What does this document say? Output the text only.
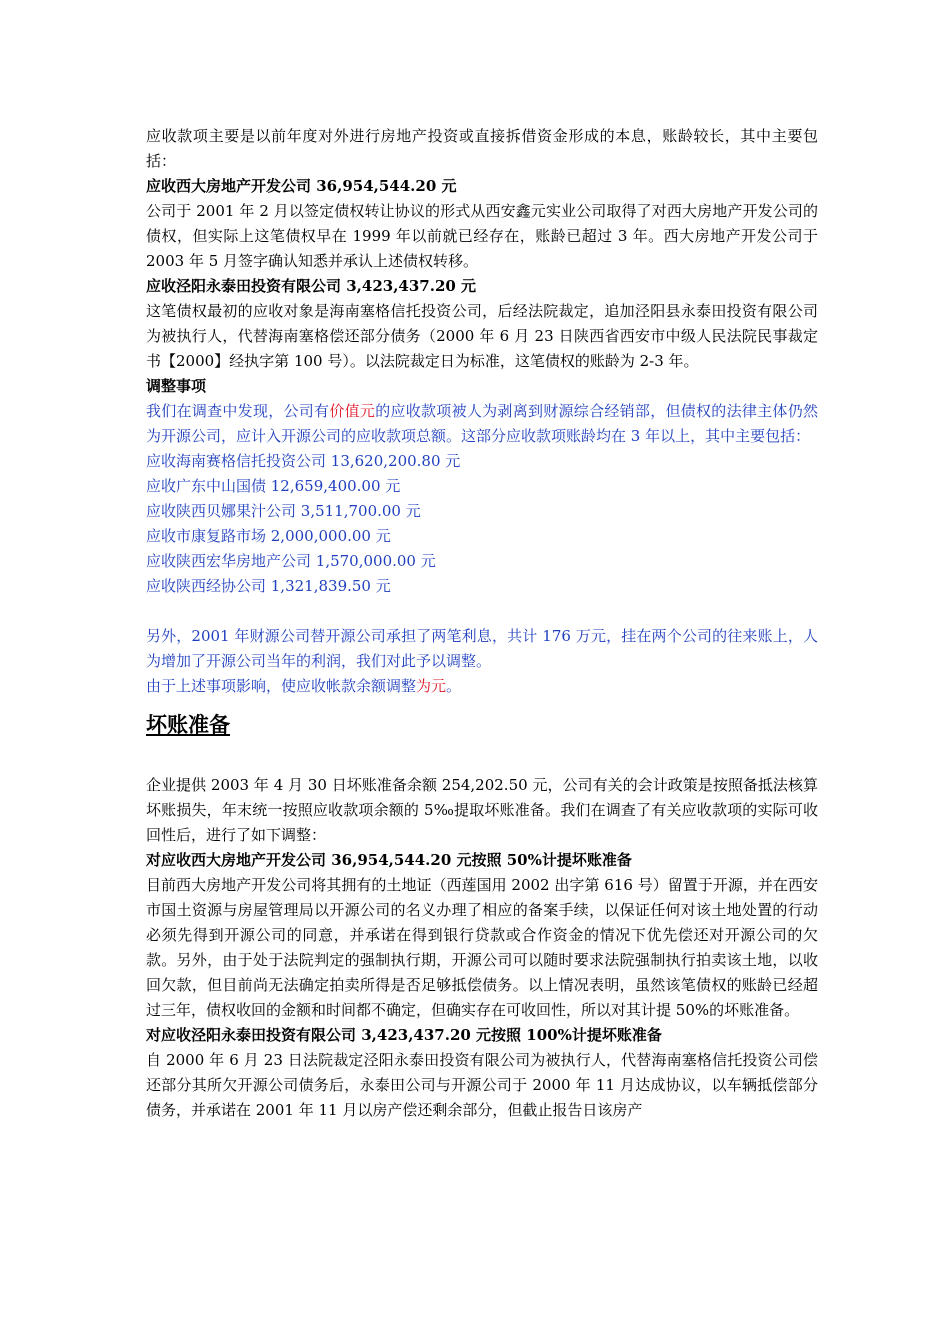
应收款项主要是以前年度对外进行房地产投资或直接拆借资金形成的本息，账龄较长，其中主要包括：

应收西大房地产开发公司 36,954,544.20 元

公司于 2001 年 2 月以签定债权转让协议的形式从西安鑫元实业公司取得了对西大房地产开发公司的债权，但实际上这笔债权早在 1999 年以前就已经存在，账龄已超过 3 年。西大房地产开发公司于 2003 年 5 月签字确认知悉并承认上述债权转移。

应收泾阳永泰田投资有限公司 3,423,437.20 元

这笔债权最初的应收对象是海南塞格信托投资公司，后经法院裁定，追加泾阳县永泰田投资有限公司为被执行人，代替海南塞格偿还部分债务（2000 年 6 月 23 日陕西省西安市中级人民法院民事裁定书【2000】经执字第 100 号）。以法院裁定日为标准，这笔债权的账龄为 2-3 年。

调整事项

我们在调查中发现，公司有价值元的应收款项被人为剥离到财源综合经销部，但债权的法律主体仍然为开源公司，应计入开源公司的应收款项总额。这部分应收款项账龄均在 3 年以上，其中主要包括：

应收海南赛格信托投资公司 13,620,200.80 元

应收广东中山国债 12,659,400.00 元

应收陕西贝娜果汁公司 3,511,700.00 元

应收市康复路市场 2,000,000.00 元

应收陕西宏华房地产公司 1,570,000.00 元

应收陕西经协公司 1,321,839.50 元

另外，2001 年财源公司替开源公司承担了两笔利息，共计 176 万元，挂在两个公司的往来账上，人为增加了开源公司当年的利润，我们对此予以调整。

由于上述事项影响，使应收帐款余额调整为元。

坏账准备

企业提供 2003 年 4 月 30 日坏账准备余额 254,202.50 元，公司有关的会计政策是按照备抵法核算坏账损失，年末统一按照应收款项余额的 5‰提取坏账准备。我们在调查了有关应收款项的实际可收回性后，进行了如下调整：

对应收西大房地产开发公司 36,954,544.20 元按照 50%计提坏账准备

目前西大房地产开发公司将其拥有的土地证（西莲国用 2002 出字第 616 号）留置于开源，并在西安市国土资源与房屋管理局以开源公司的名义办理了相应的备案手续，以保证任何对该土地处置的行动必须先得到开源公司的同意，并承诺在得到银行贷款或合作资金的情况下优先偿还对开源公司的欠款。另外，由于处于法院判定的强制执行期，开源公司可以随时要求法院强制执行拍卖该土地，以收回欠款，但目前尚无法确定拍卖所得是否足够抵偿债务。以上情况表明，虽然该笔债权的账龄已经超过三年，债权收回的金额和时间都不确定，但确实存在可收回性，所以对其计提 50%的坏账准备。

对应收泾阳永泰田投资有限公司 3,423,437.20 元按照 100%计提坏账准备

自 2000 年 6 月 23 日法院裁定泾阳永泰田投资有限公司为被执行人，代替海南塞格信托投资公司偿还部分其所欠开源公司债务后，永泰田公司与开源公司于 2000 年 11 月达成协议，以车辆抵偿部分债务，并承诺在 2001 年 11 月以房产偿还剩余部分，但截止报告日该房产
